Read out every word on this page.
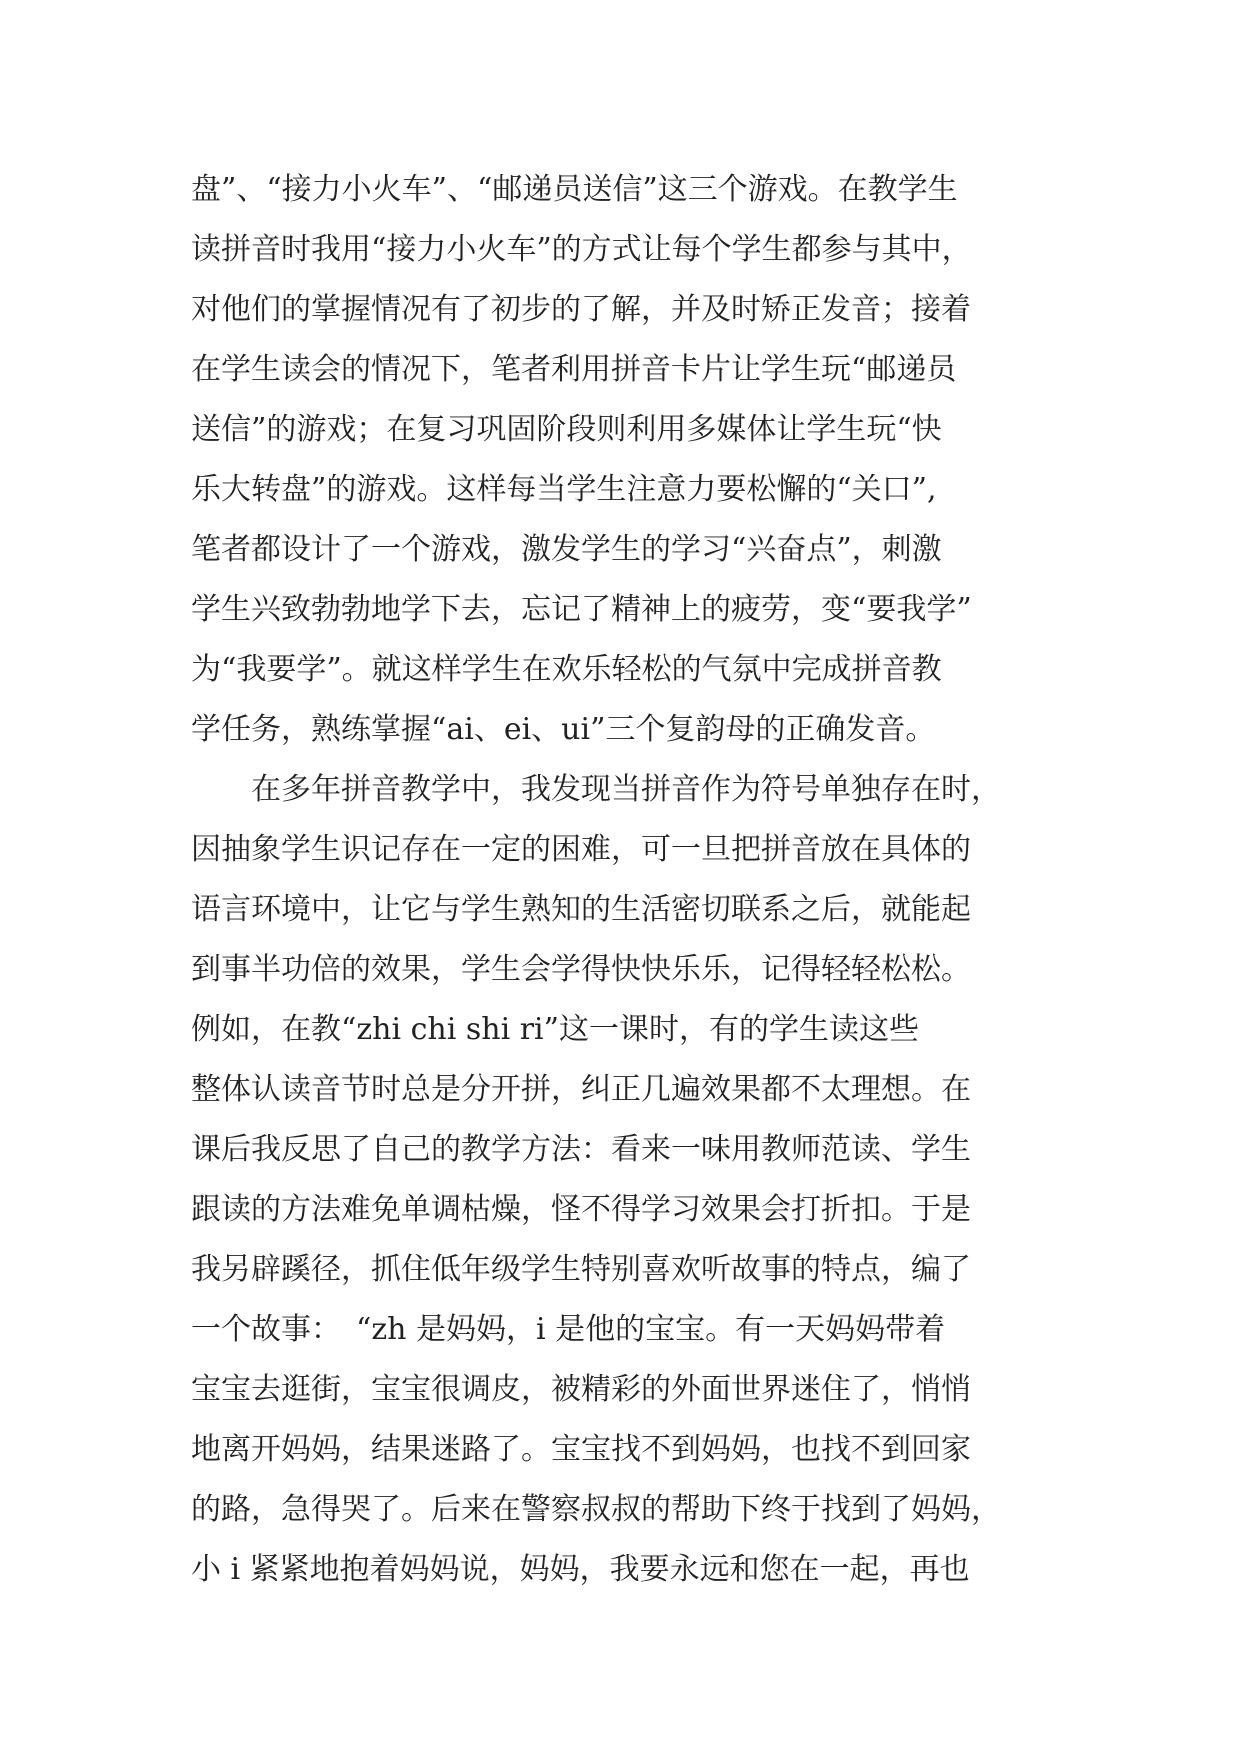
盘”、“接力小火车”、“邮递员送信”这三个游戏。在教学生
读拼音时我用“接力小火车”的方式让每个学生都参与其中，
对他们的掌握情况有了初步的了解，并及时矫正发音；接着
在学生读会的情况下，笔者利用拼音卡片让学生玩“邮递员
送信”的游戏；在复习巩固阶段则利用多媒体让学生玩“快
乐大转盘”的游戏。这样每当学生注意力要松懈的“关口”,
笔者都设计了一个游戏，激发学生的学习“兴奋点”，刺激
学生兴致勃勃地学下去，忘记了精神上的疲劳，变“要我学”
为“我要学”。就这样学生在欢乐轻松的气氛中完成拼音教
学任务，熟练掌握“ai、ei、ui”三个复韵母的正确发音。
　　在多年拼音教学中，我发现当拼音作为符号单独存在时，
因抽象学生识记存在一定的困难，可一旦把拼音放在具体的
语言环境中，让它与学生熟知的生活密切联系之后，就能起
到事半功倍的效果，学生会学得快快乐乐，记得轻轻松松。
例如，在教“zhi chi shi ri”这一课时，有的学生读这些
整体认读音节时总是分开拼，纠正几遍效果都不太理想。在
课后我反思了自己的教学方法：看来一味用教师范读、学生
跟读的方法难免单调枯燥，怪不得学习效果会打折扣。于是
我另辟蹊径，抓住低年级学生特别喜欢听故事的特点，编了
一个故事：　“zh 是妈妈，i 是他的宝宝。有一天妈妈带着
宝宝去逛街，宝宝很调皮，被精彩的外面世界迷住了，悄悄
地离开妈妈，结果迷路了。宝宝找不到妈妈，也找不到回家
的路，急得哭了。后来在警察叔叔的帮助下终于找到了妈妈，
小 i 紧紧地抱着妈妈说，妈妈，我要永远和您在一起，再也
